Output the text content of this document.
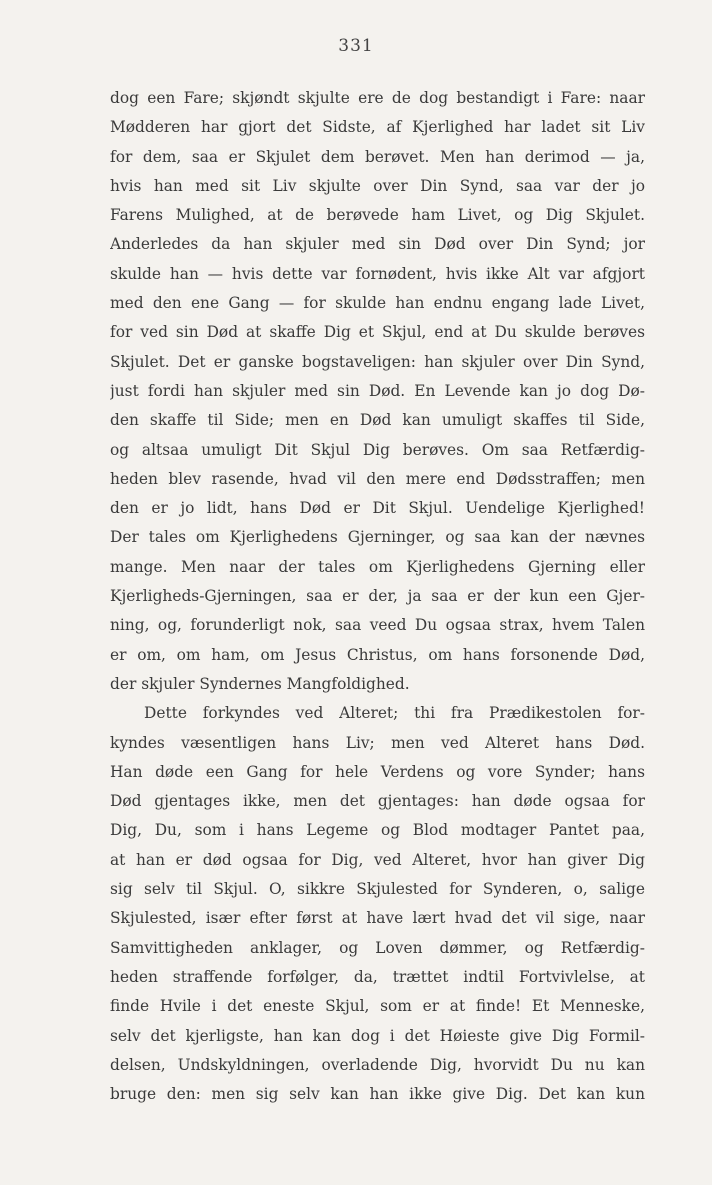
331
dog een Fare; skjøndt skjulte ere de dog bestandigt i Fare: naar
Mødderen har gjort det Sidste, af Kjerlighed har ladet sit Liv
for dem, saa er Skjulet dem berøvet. Men han derimod — ja,
hvis han med sit Liv skjulte over Din Synd, saa var der jo
Farens Mulighed, at de berøvede ham Livet, og Dig Skjulet.
Anderledes da han skjuler med sin Død over Din Synd; jor
skulde han — hvis dette var fornødent, hvis ikke Alt var afgjort
med den ene Gang — for skulde han endnu engang lade Livet,
for ved sin Død at skaffe Dig et Skjul, end at Du skulde berøves
Skjulet. Det er ganske bogstaveligen: han skjuler over Din Synd,
just fordi han skjuler med sin Død. En Levende kan jo dog Dø-
den skaffe til Side; men en Død kan umuligt skaffes til Side,
og altsaa umuligt Dit Skjul Dig berøves. Om saa Retfærdig-
heden blev rasende, hvad vil den mere end Dødsstraffen; men
den er jo lidt, hans Død er Dit Skjul. Uendelige Kjerlighed!
Der tales om Kjerlighedens Gjerninger, og saa kan der nævnes
mange. Men naar der tales om Kjerlighedens Gjerning eller
Kjerligheds-Gjerningen, saa er der, ja saa er der kun een Gjer-
ning, og, forunderligt nok, saa veed Du ogsaa strax, hvem Talen
er om, om ham, om Jesus Christus, om hans forsonende Død,
der skjuler Syndernes Mangfoldighed.
Dette forkyndes ved Alteret; thi fra Prædikestolen for-
kyndes væsentligen hans Liv; men ved Alteret hans Død.
Han døde een Gang for hele Verdens og vore Synder; hans
Død gjentages ikke, men det gjentages: han døde ogsaa for
Dig, Du, som i hans Legeme og Blod modtager Pantet paa,
at han er død ogsaa for Dig, ved Alteret, hvor han giver Dig
sig selv til Skjul. O, sikkre Skjulested for Synderen, o, salige
Skjulested, især efter først at have lært hvad det vil sige, naar
Samvittigheden anklager, og Loven dømmer, og Retfærdig-
heden straffende forfølger, da, trættet indtil Fortvivlelse, at
finde Hvile i det eneste Skjul, som er at finde! Et Menneske,
selv det kjerligste, han kan dog i det Høieste give Dig Formil-
delsen, Undskyldningen, overladende Dig, hvorvidt Du nu kan
bruge den: men sig selv kan han ikke give Dig. Det kan kun
